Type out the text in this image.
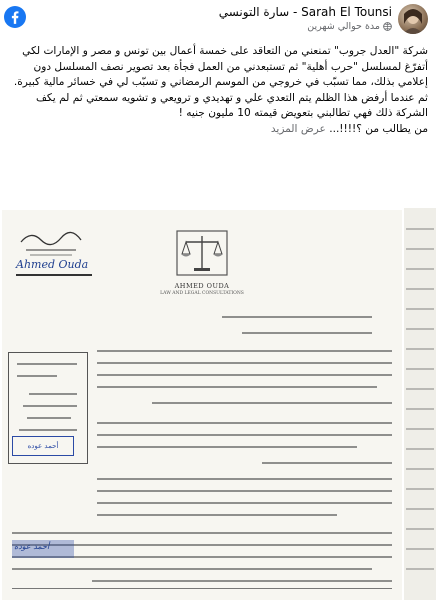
Sarah El Tounsi - سارة التونسي
مدة حوالي شهرين

شركة "العدل جروب" تمنعني من التعاقد على خمسة أعمال بين تونس و مصر و الإمارات لكي أتفرّغ لمسلسل "حرب أهلية" ثم تستبعدني من العمل فجأة بعد تصوير نصف المسلسل دون إعلامي بذلك، مما تسبّب في خروجي من الموسم الرمضاني و تسبّب لي في خسائر مالية كبيرة.

ثم عندما أرفض هذا الظلم يتم التعدي علي و تهديدي و ترويعي و تشويه سمعتي ثم لم يكف الشركة ذلك فهي تطالبني بتعويض قيمته 10 مليون جنيه !

من يطالب من ؟!!!!... عرض المزيد

Ahmed Ouda
AHMED OUDA
LAW AND LEGAL CONSULTATIONS
أحمد عوده
أحمد عوده
